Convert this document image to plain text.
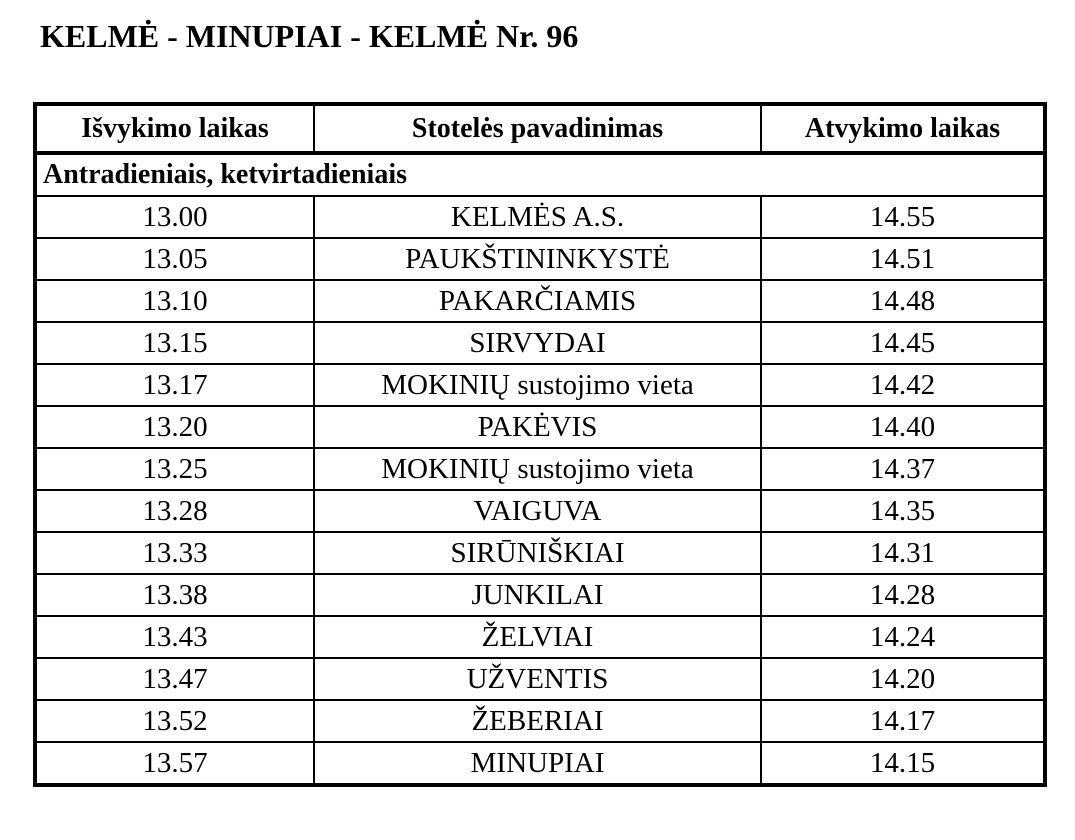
KELMĖ - MINUPIAI - KELMĖ Nr. 96
Išvykimo laikas	Stotelės pavadinimas	Atvykimo laikas
Antradieniais, ketvirtadieniais		
13.00	KELMĖS A.S.	14.55
13.05	PAUKŠTININKYSTĖ	14.51
13.10	PAKARČIAMIS	14.48
13.15	SIRVYDAI	14.45
13.17	MOKINIŲ sustojimo vieta	14.42
13.20	PAKĖVIS	14.40
13.25	MOKINIŲ sustojimo vieta	14.37
13.28	VAIGUVA	14.35
13.33	SIRŪNIŠKIAI	14.31
13.38	JUNKILAI	14.28
13.43	ŽELVIAI	14.24
13.47	UŽVENTIS	14.20
13.52	ŽEBERIAI	14.17
13.57	MINUPIAI	14.15
